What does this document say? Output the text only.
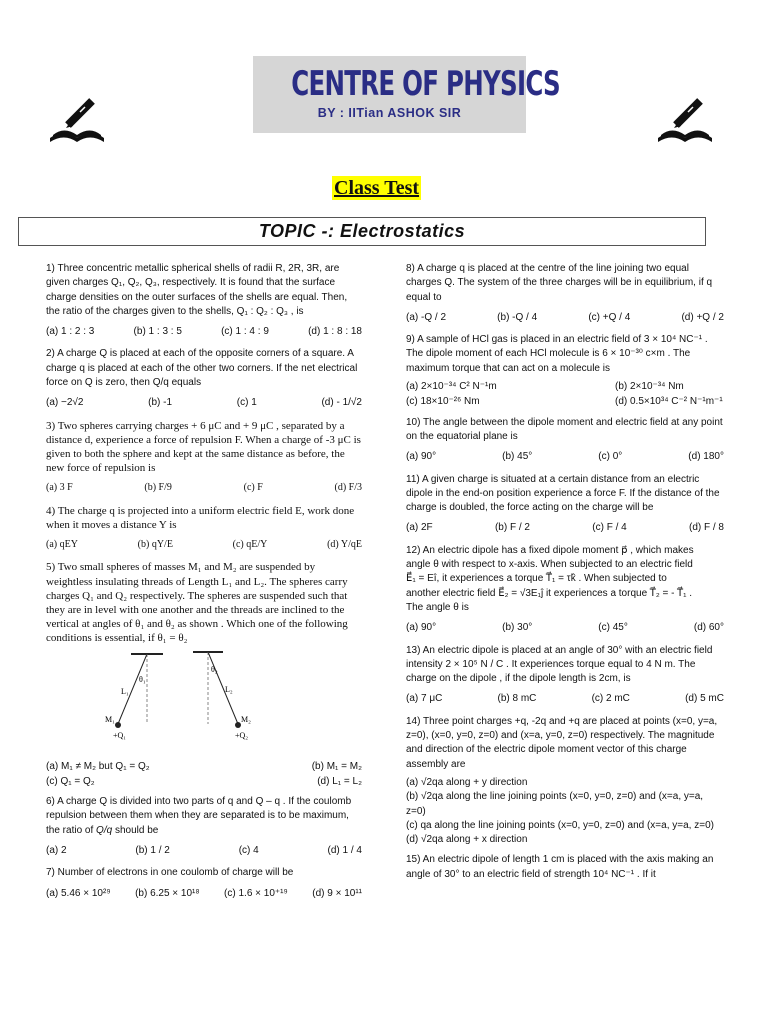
CENTRE OF PHYSICS
BY : IITian ASHOK SIR
Class Test
TOPIC -: Electrostatics

1) Three concentric metallic spherical shells of radii R, 2R, 3R, are given charges Q₁, Q₂, Q₃, respectively. It is found that the surface charge densities on the outer surfaces of the shells are equal. Then, the ratio of the charges given to the shells, Q₁ : Q₂ : Q₃ , is

(a) 1 : 2 : 3	(b) 1 : 3 : 5	(c) 1 : 4 : 9	(d) 1 : 8 : 18

2) A charge Q is placed at each of the opposite corners of a square. A charge q is placed at each of the other two corners. If the net electrical force on Q is zero, then Q/q equals

(a) −2√2	(b) -1	(c) 1	(d) - 1/√2

3) Two spheres carrying charges + 6 μC and + 9 μC , separated by a distance d, experience a force of repulsion F. When a charge of -3 μC is given to both the sphere and kept at the same distance as before, the new force of repulsion is

(a) 3 F	(b) F/9	(c) F	(d) F/3

4) The charge q is projected into a uniform electric field E, work done when it moves a distance Y is

(a) qEY	(b) qY/E	(c) qE/Y	(d) Y/qE

5) Two small spheres of masses M₁ and M₂ are suspended by weightless insulating threads of Length L₁ and L₂. The spheres carry charges Q₁ and Q₂ respectively. The spheres are suspended such that they are in level with one another and the threads are inclined to the vertical at angles of θ₁ and θ₂ as shown . Which one of the following conditions is essential, if θ₁ = θ₂

θ₁
θ₂
L₁	L₂
M₁	M₂
+Q₁	+Q₂
(a) M₁ ≠ M₂ but Q₁ = Q₂	(b) M₁ = M₂
(c) Q₁ = Q₂	(d) L₁ = L₂

6) A charge Q is divided into two parts of q and Q – q . If the coulomb repulsion between them when they are separated is to be maximum, the ratio of Q/q should be

(a) 2	(b) 1 / 2	(c) 4	(d) 1 / 4

7) Number of electrons in one coulomb of charge will be

(a) 5.46 × 10²⁹ (b) 6.25 × 10¹⁸ (c) 1.6 × 10⁺¹⁹ (d) 9 × 10¹¹

8) A charge q is placed at the centre of the line joining two equal charges Q. The system of the three charges will be in equilibrium, if q equal to

(a) -Q / 2	(b) -Q / 4	(c) +Q / 4	(d) +Q / 2

9) A sample of HCl gas is placed in an electric field of 3 × 10⁴ NC⁻¹ . The dipole moment of each HCl molecule is 6 × 10⁻³⁰ c×m . The maximum torque that can act on a molecule is

(a) 2×10⁻³⁴ C² N⁻¹m	(b) 2×10⁻³⁴ Nm
(c) 18×10⁻²⁶ Nm	(d) 0.5×10³⁴ C⁻² N⁻¹m⁻¹

10) The angle between the dipole moment and electric field at any point on the equatorial plane is

(a) 90°	(b) 45°	(c) 0°	(d) 180°

11) A given charge is situated at a certain distance from an electric dipole in the end-on position experience a force F. If the distance of the charge is doubled, the force acting on the charge will be

(a) 2F	(b) F / 2	(c) F / 4	(d) F / 8

12) An electric dipole has a fixed dipole moment p⃗ , which makes

angle θ with respect to x-axis. When subjected to an electric field

E⃗₁ = Eî, it experiences a torque T⃗₁ = τk̂ . When subjected to

another electric field E⃗₂ = √3E₁ĵ it experiences a torque T⃗₂ = - T⃗₁ .

The angle θ is

(a) 90°	(b) 30°	(c) 45°	(d) 60°

13) An electric dipole is placed at an angle of 30° with an electric field intensity 2 × 10⁵ N / C . It experiences torque equal to 4 N m. The charge on the dipole , if the dipole length is 2cm, is

(a) 7 μC	(b) 8 mC	(c) 2 mC	(d) 5 mC

14) Three point charges +q, -2q and +q are placed at points (x=0, y=a, z=0), (x=0, y=0, z=0) and (x=a, y=0, z=0) respectively. The magnitude and direction of the electric dipole moment vector of this charge assembly are

(a) √2qa along + y direction

(b) √2qa along the line joining points (x=0, y=0, z=0) and (x=a, y=a, z=0)

(c) qa along the line joining points (x=0, y=0, z=0) and (x=a, y=a, z=0)

(d) √2qa along + x direction

15) An electric dipole of length 1 cm is placed with the axis making an angle of 30° to an electric field of strength 10⁴ NC⁻¹ . If it
